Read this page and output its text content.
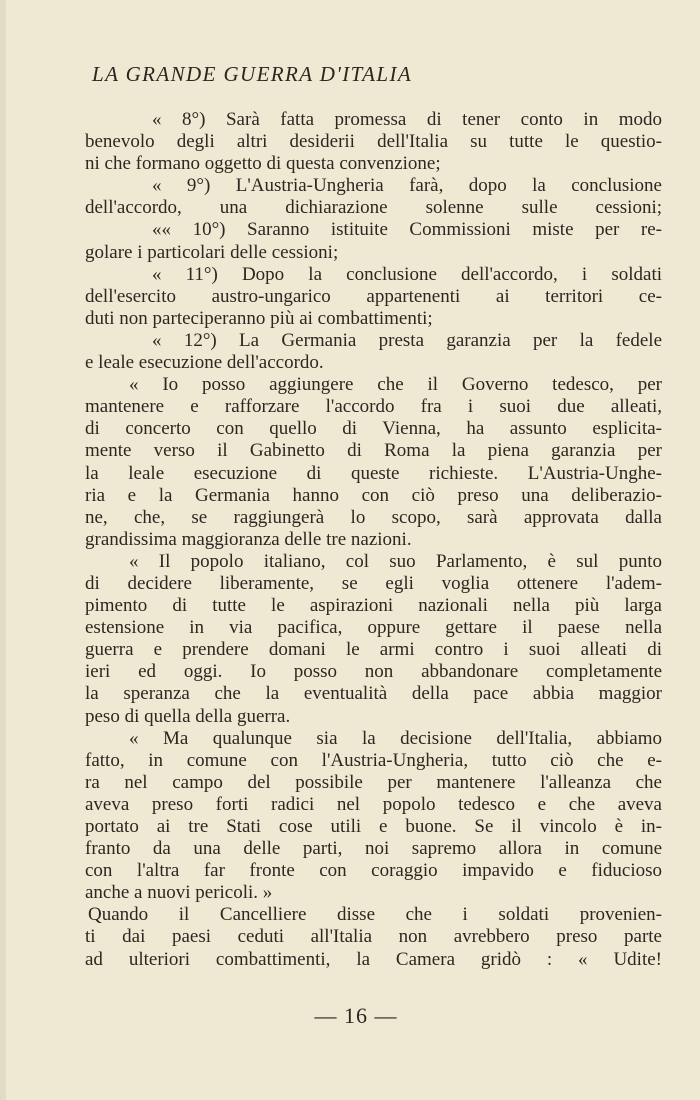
LA GRANDE GUERRA D'ITALIA
« 8°) Sarà fatta promessa di tener conto in modo
benevolo degli altri desiderii dell'Italia su tutte le questio-
ni che formano oggetto di questa convenzione;
« 9°) L'Austria-Ungheria farà, dopo la conclusione
dell'accordo, una dichiarazione solenne sulle cessioni;
«« 10°) Saranno istituite Commissioni miste per re-
golare i particolari delle cessioni;
« 11°) Dopo la conclusione dell'accordo, i soldati
dell'esercito austro-ungarico appartenenti ai territori ce-
duti non parteciperanno più ai combattimenti;
« 12°) La Germania presta garanzia per la fedele
e leale esecuzione dell'accordo.
« Io posso aggiungere che il Governo tedesco, per
mantenere e rafforzare l'accordo fra i suoi due alleati,
di concerto con quello di Vienna, ha assunto esplicita-
mente verso il Gabinetto di Roma la piena garanzia per
la leale esecuzione di queste richieste. L'Austria-Unghe-
ria e la Germania hanno con ciò preso una deliberazio-
ne, che, se raggiungerà lo scopo, sarà approvata dalla
grandissima maggioranza delle tre nazioni.
« Il popolo italiano, col suo Parlamento, è sul punto
di decidere liberamente, se egli voglia ottenere l'adem-
pimento di tutte le aspirazioni nazionali nella più larga
estensione in via pacifica, oppure gettare il paese nella
guerra e prendere domani le armi contro i suoi alleati di
ieri ed oggi. Io posso non abbandonare completamente
la speranza che la eventualità della pace abbia maggior
peso di quella della guerra.
« Ma qualunque sia la decisione dell'Italia, abbiamo
fatto, in comune con l'Austria-Ungheria, tutto ciò che e-
ra nel campo del possibile per mantenere l'alleanza che
aveva preso forti radici nel popolo tedesco e che aveva
portato ai tre Stati cose utili e buone. Se il vincolo è in-
franto da una delle parti, noi sapremo allora in comune
con l'altra far fronte con coraggio impavido e fiducioso
anche a nuovi pericoli. »
Quando il Cancelliere disse che i soldati provenien-
ti dai paesi ceduti all'Italia non avrebbero preso parte
ad ulteriori combattimenti, la Camera gridò : « Udite!
— 16 —
